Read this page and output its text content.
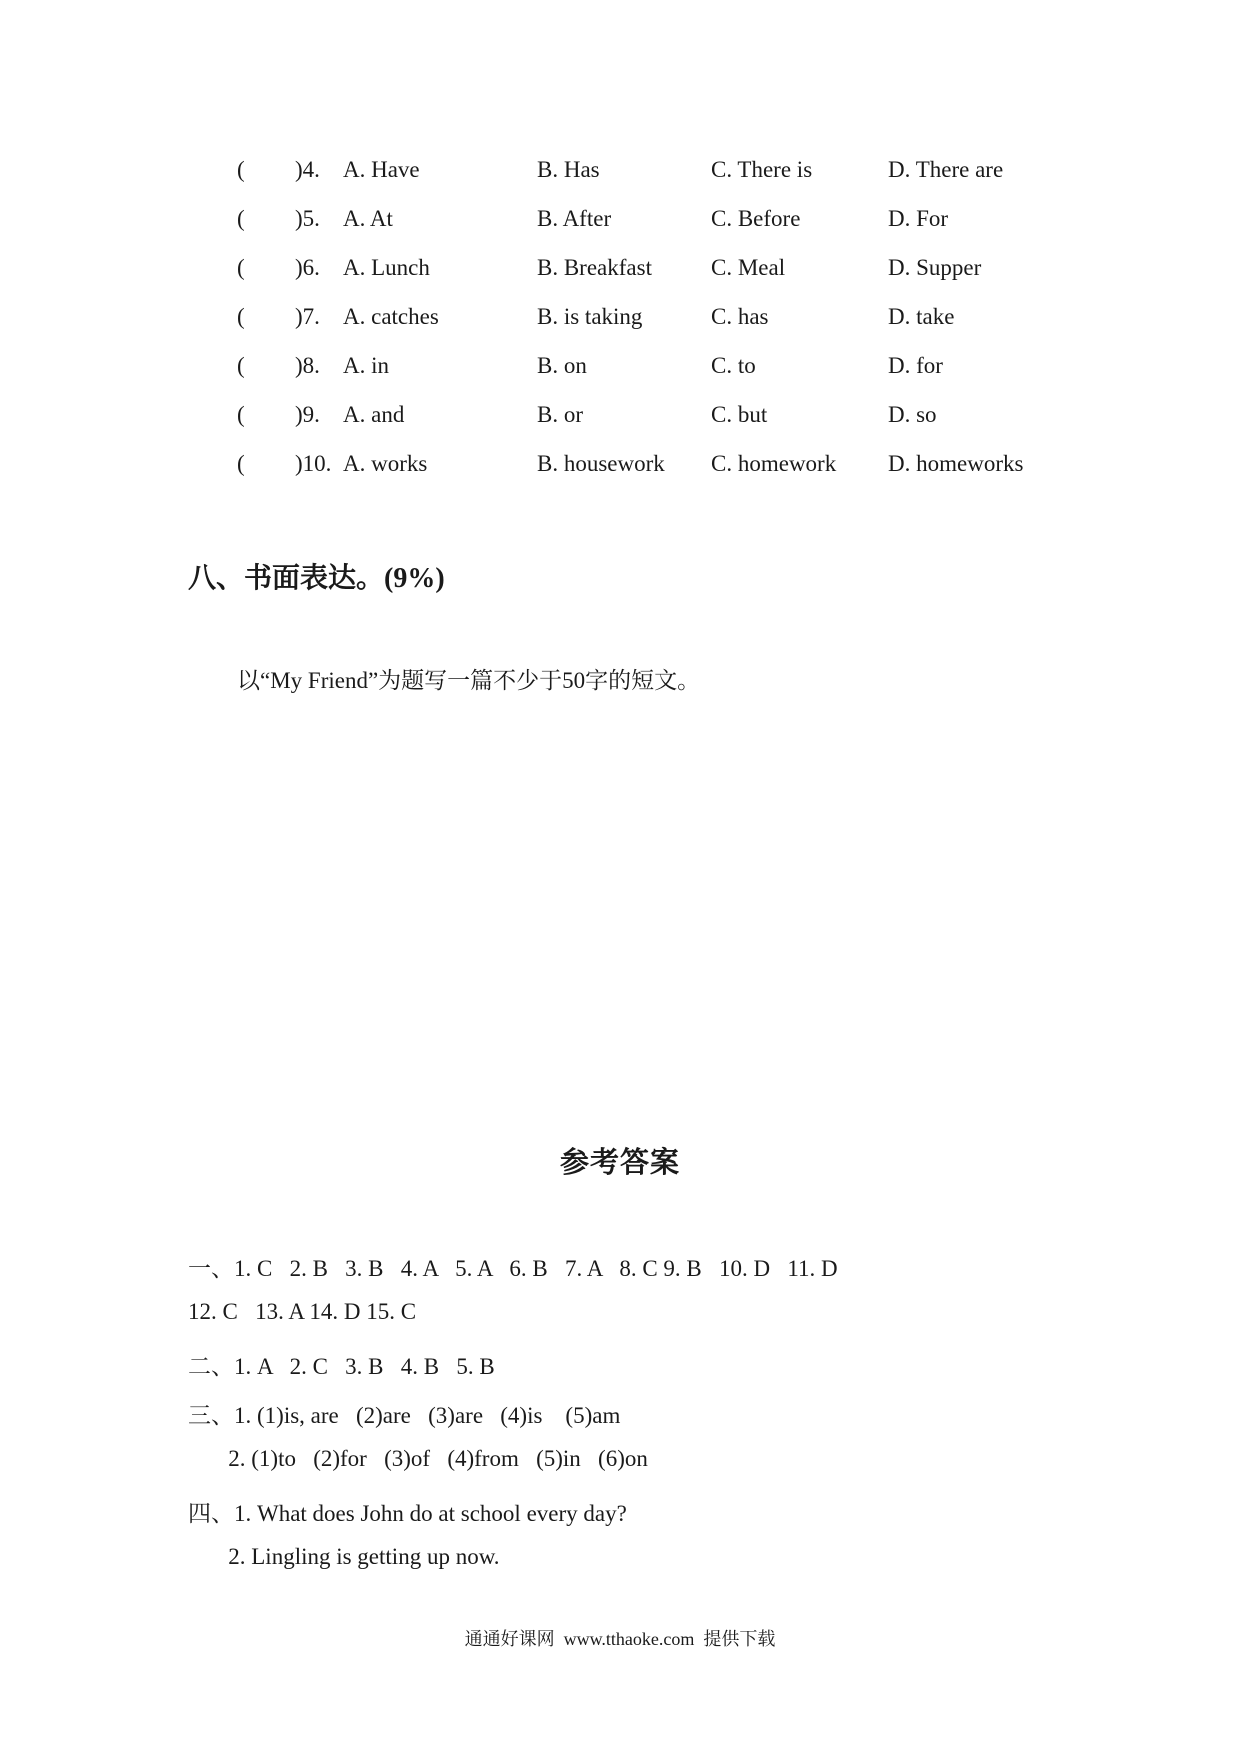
( )4. A. Have	B. Has	C. There is	D. There are
( )5. A. At	B. After	C. Before	D. For
( )6. A. Lunch	B. Breakfast	C. Meal	D. Supper
( )7. A. catches	B. is taking	C. has	D. take
( )8. A. in	B. on	C. to	D. for
( )9. A. and	B. or	C. but	D. so
( )10. A. works	B. housework C. homework D. homeworks
八、书面表达。(9%)
以“My Friend”为题写一篇不少于50字的短文。
参考答案
一、1. C   2. B   3. B   4. A   5. A   6. B   7. A   8. C 9. B   10. D   11. D
12. C   13. A 14. D 15. C
二、1. A   2. C   3. B   4. B   5. B
三、1. (1)is, are   (2)are   (3)are   (4)is    (5)am
2. (1)to   (2)for   (3)of   (4)from   (5)in   (6)on
四、1. What does John do at school every day?
2. Lingling is getting up now.
通通好课网  www.tthaoke.com  提供下载
